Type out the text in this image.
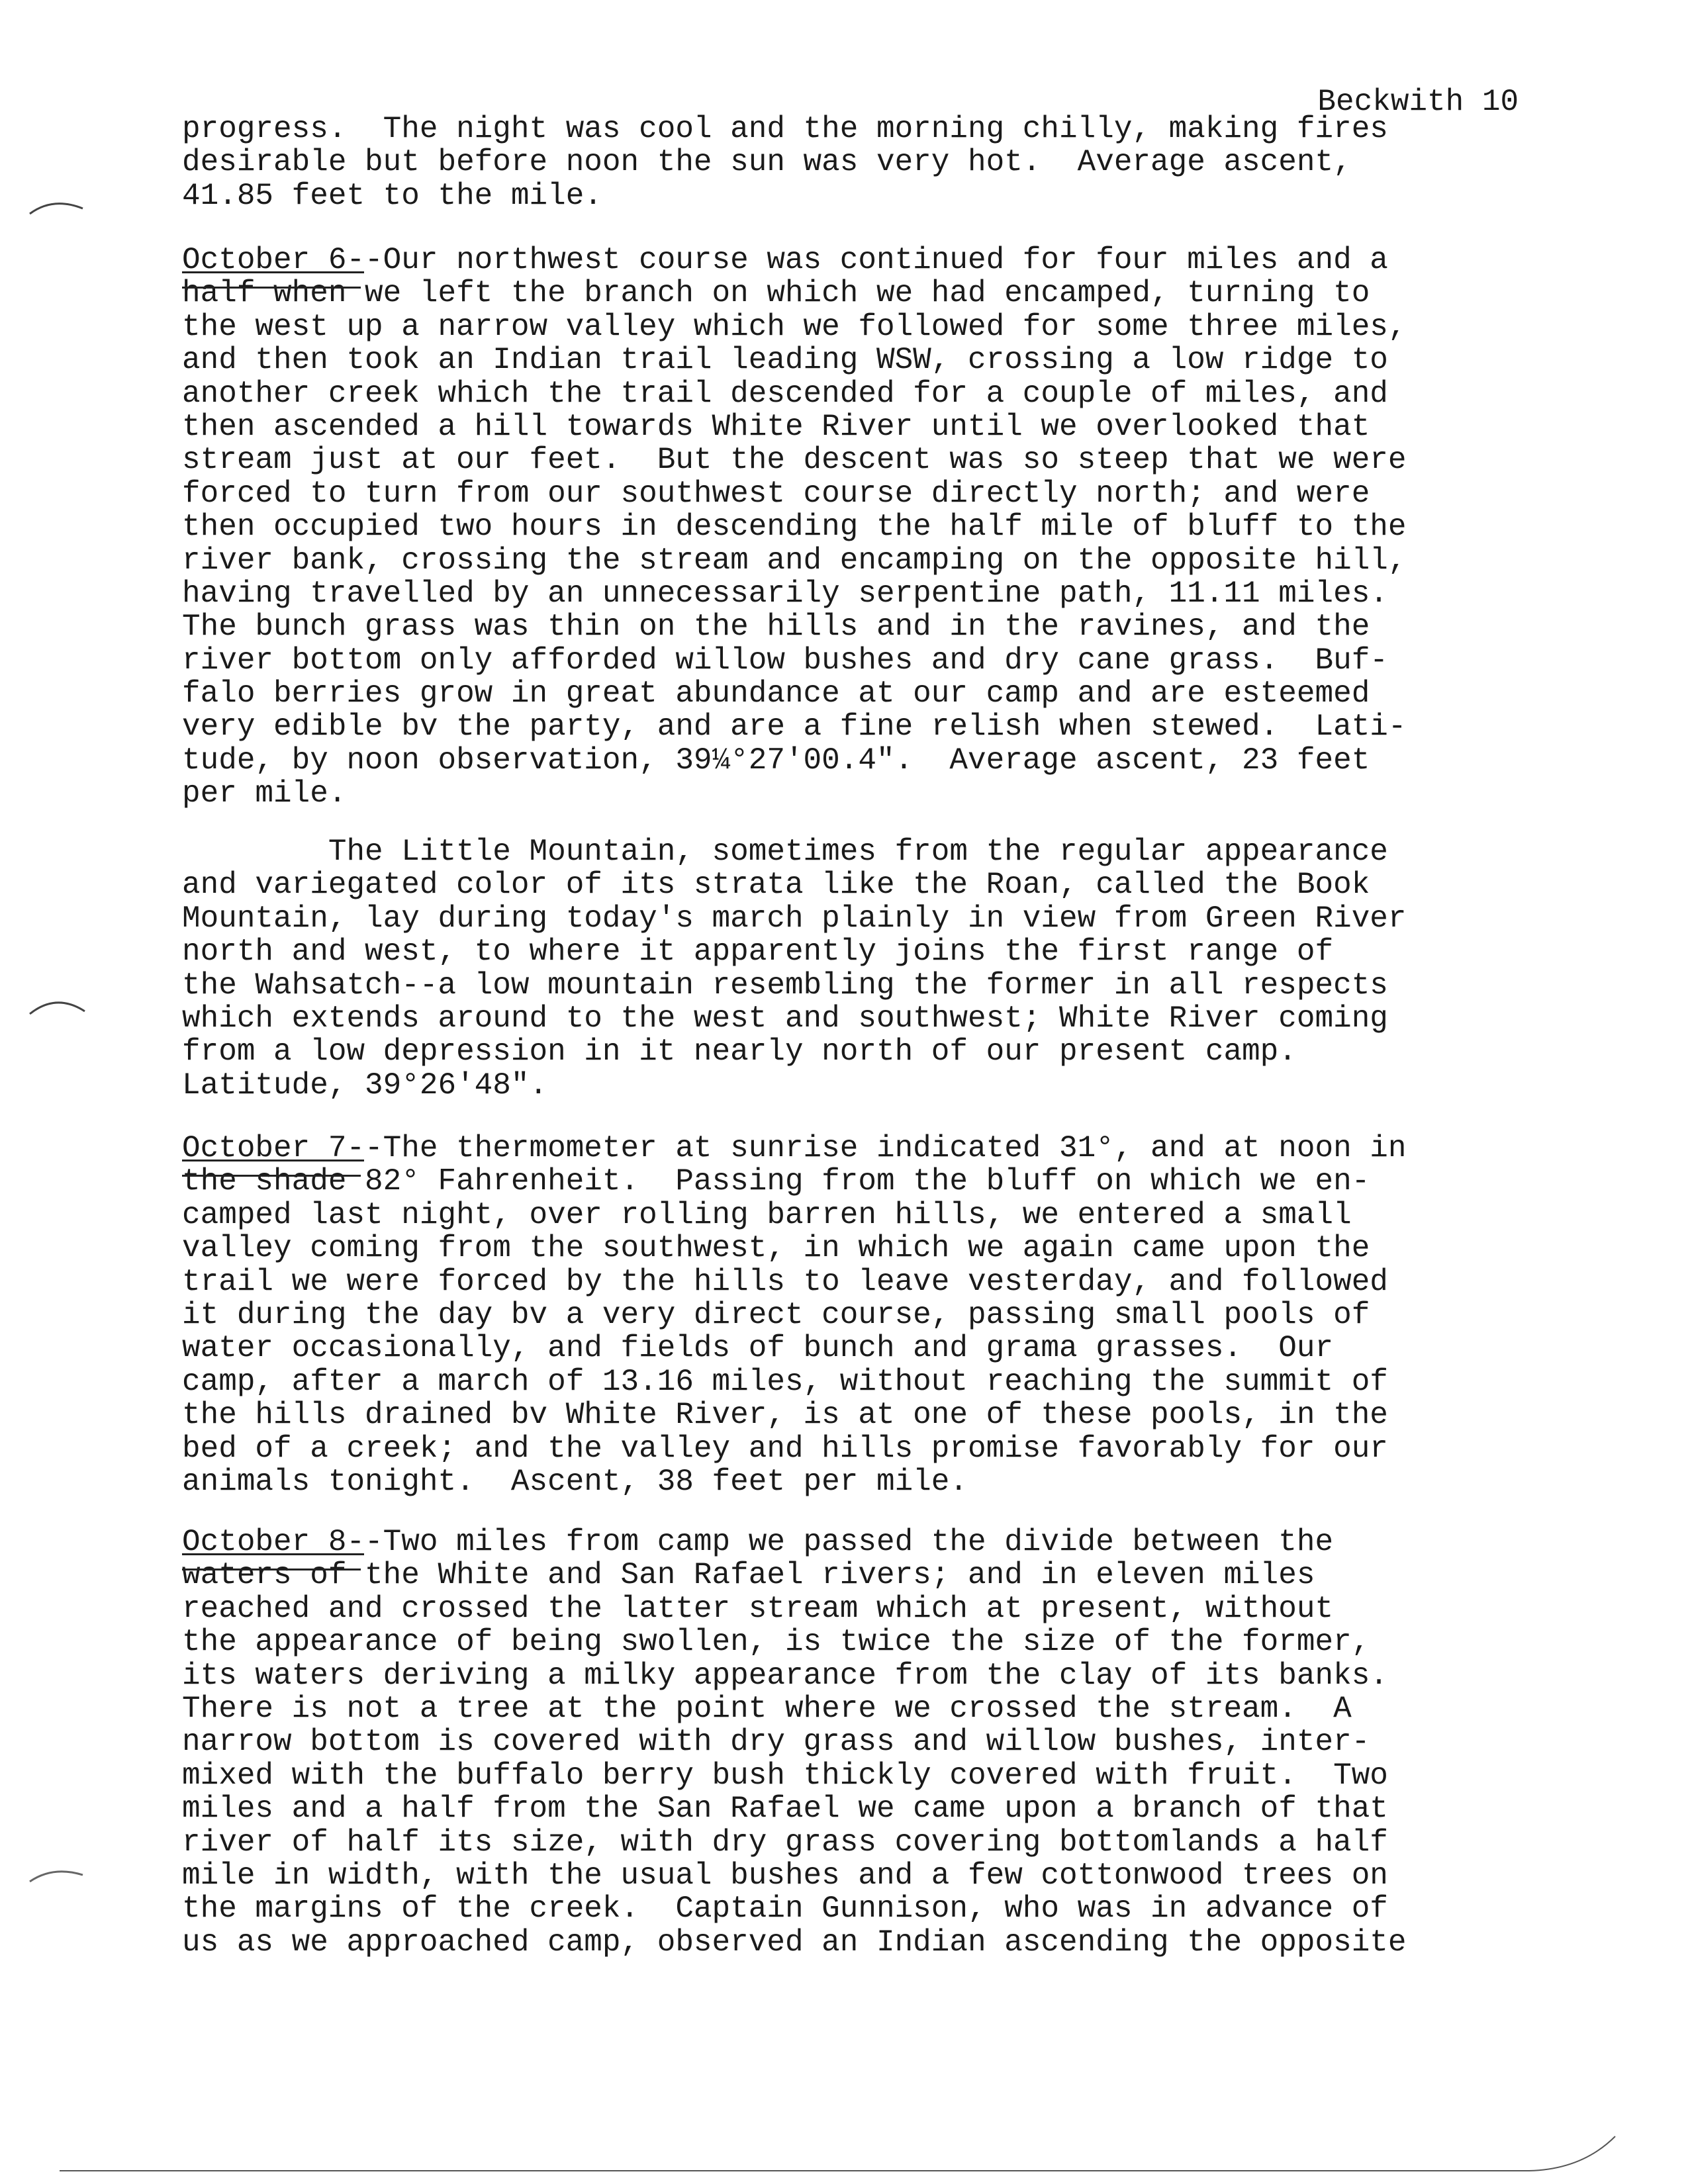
Beckwith 10

progress.  The night was cool and the morning chilly, making fires
desirable but before noon the sun was very hot.  Average ascent,
41.85 feet to the mile.
October 6--Our northwest course was continued for four miles and a
half when we left the branch on which we had encamped, turning to
the west up a narrow valley which we followed for some three miles,
and then took an Indian trail leading WSW, crossing a low ridge to
another creek which the trail descended for a couple of miles, and
then ascended a hill towards White River until we overlooked that
stream just at our feet.  But the descent was so steep that we were
forced to turn from our southwest course directly north; and were
then occupied two hours in descending the half mile of bluff to the
river bank, crossing the stream and encamping on the opposite hill,
having travelled by an unnecessarily serpentine path, 11.11 miles.
The bunch grass was thin on the hills and in the ravines, and the
river bottom only afforded willow bushes and dry cane grass.  Buf-
falo berries grow in great abundance at our camp and are esteemed
very edible bv the party, and are a fine relish when stewed.  Lati-
tude, by noon observation, 39¼°27'00.4".  Average ascent, 23 feet
per mile.
The Little Mountain, sometimes from the regular appearance
and variegated color of its strata like the Roan, called the Book
Mountain, lay during today's march plainly in view from Green River
north and west, to where it apparently joins the first range of
the Wahsatch--a low mountain resembling the former in all respects
which extends around to the west and southwest; White River coming
from a low depression in it nearly north of our present camp.
Latitude, 39°26'48".
October 7--The thermometer at sunrise indicated 31°, and at noon in
the shade 82° Fahrenheit.  Passing from the bluff on which we en-
camped last night, over rolling barren hills, we entered a small
valley coming from the southwest, in which we again came upon the
trail we were forced by the hills to leave vesterday, and followed
it during the day bv a very direct course, passing small pools of
water occasionally, and fields of bunch and grama grasses.  Our
camp, after a march of 13.16 miles, without reaching the summit of
the hills drained bv White River, is at one of these pools, in the
bed of a creek; and the valley and hills promise favorably for our
animals tonight.  Ascent, 38 feet per mile.
October 8--Two miles from camp we passed the divide between the
waters of the White and San Rafael rivers; and in eleven miles
reached and crossed the latter stream which at present, without
the appearance of being swollen, is twice the size of the former,
its waters deriving a milky appearance from the clay of its banks.
There is not a tree at the point where we crossed the stream.  A
narrow bottom is covered with dry grass and willow bushes, inter-
mixed with the buffalo berry bush thickly covered with fruit.  Two
miles and a half from the San Rafael we came upon a branch of that
river of half its size, with dry grass covering bottomlands a half
mile in width, with the usual bushes and a few cottonwood trees on
the margins of the creek.  Captain Gunnison, who was in advance of
us as we approached camp, observed an Indian ascending the opposite
